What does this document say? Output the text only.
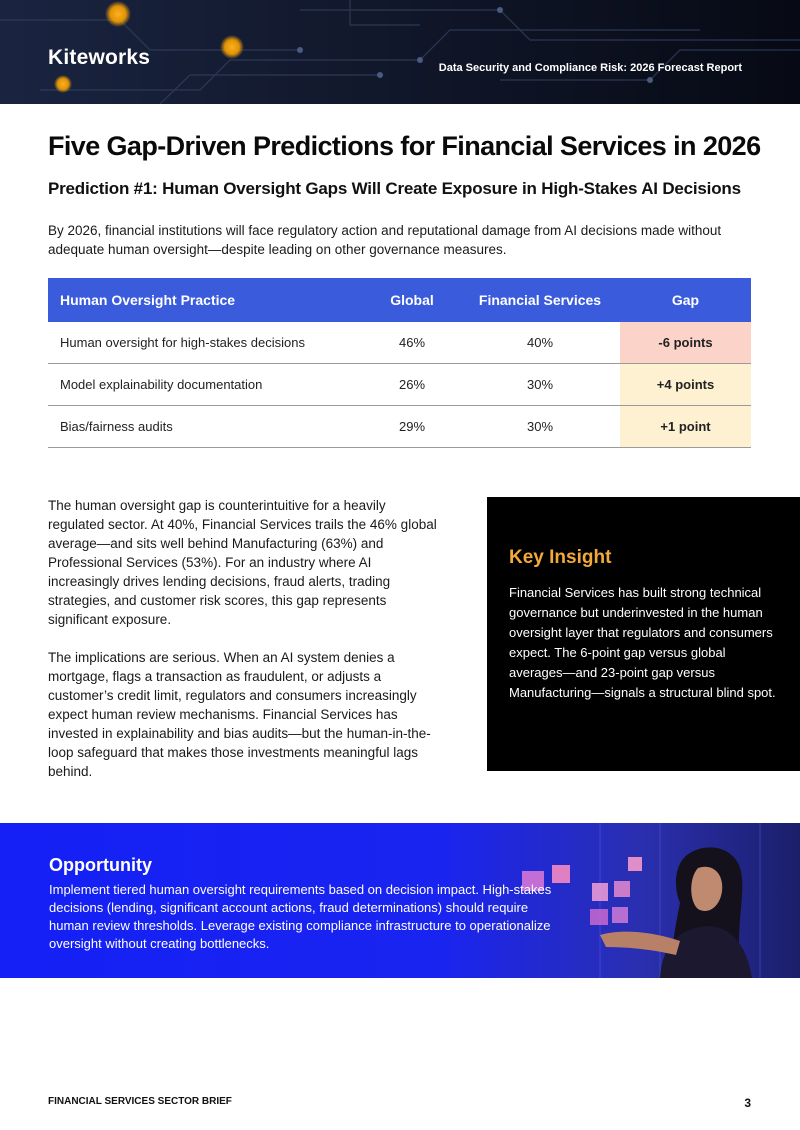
Kiteworks	Data Security and Compliance Risk: 2026 Forecast Report
Five Gap-Driven Predictions for Financial Services in 2026
Prediction #1: Human Oversight Gaps Will Create Exposure in High-Stakes AI Decisions
By 2026, financial institutions will face regulatory action and reputational damage from AI decisions made without adequate human oversight—despite leading on other governance measures.
Human Oversight Practice	Global	Financial Services	Gap
Human oversight for high-stakes decisions	46%	40%	-6 points
Model explainability documentation	26%	30%	+4 points
Bias/fairness audits	29%	30%	+1 point

The human oversight gap is counterintuitive for a heavily regulated sector. At 40%, Financial Services trails the 46% global average—and sits well behind Manufacturing (63%) and Professional Services (53%). For an industry where AI increasingly drives lending decisions, fraud alerts, trading strategies, and customer risk scores, this gap represents significant exposure.

The implications are serious. When an AI system denies a mortgage, flags a transaction as fraudulent, or adjusts a customer’s credit limit, regulators and consumers increasingly expect human review mechanisms. Financial Services has invested in explainability and bias audits—but the human-in-the-loop safeguard that makes those investments meaningful lags behind.

Key Insight
Financial Services has built strong technical governance but underinvested in the human oversight layer that regulators and consumers expect. The 6-point gap versus global averages—and 23-point gap versus Manufacturing—signals a structural blind spot.
Opportunity
Implement tiered human oversight requirements based on decision impact. High-stakes decisions (lending, significant account actions, fraud determinations) should require human review thresholds. Leverage existing compliance infrastructure to operationalize oversight without creating bottlenecks.
FINANCIAL SERVICES SECTOR BRIEF	3
